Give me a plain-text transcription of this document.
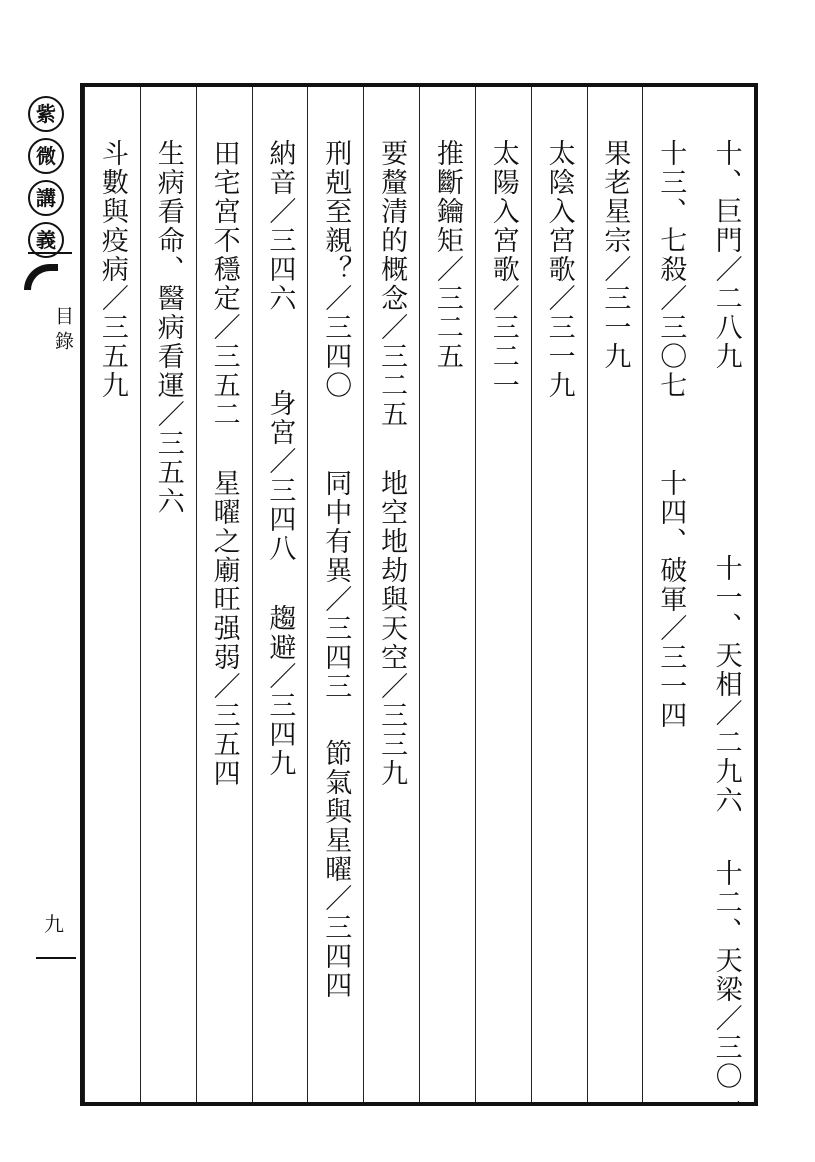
紫
微
講
義
目錄
九
十、巨門／二八九
十一、天相／二九六
十二、天梁／三〇一
十三、七殺／三〇七
十四、破軍／三一四
果老星宗／三一九
太陰入宮歌／三一九
太陽入宮歌／三二一
推斷鑰矩／三二五
要釐清的概念／三二五
地空地劫與天空／三三九
刑剋至親？／三四〇
同中有異／三四三
節氣與星曜／三四四
納音／三四六
身宮／三四八
趨避／三四九
田宅宮不穩定／三五二
星曜之廟旺强弱／三五四
生病看命、醫病看運／三五六
斗數與疫病／三五九
